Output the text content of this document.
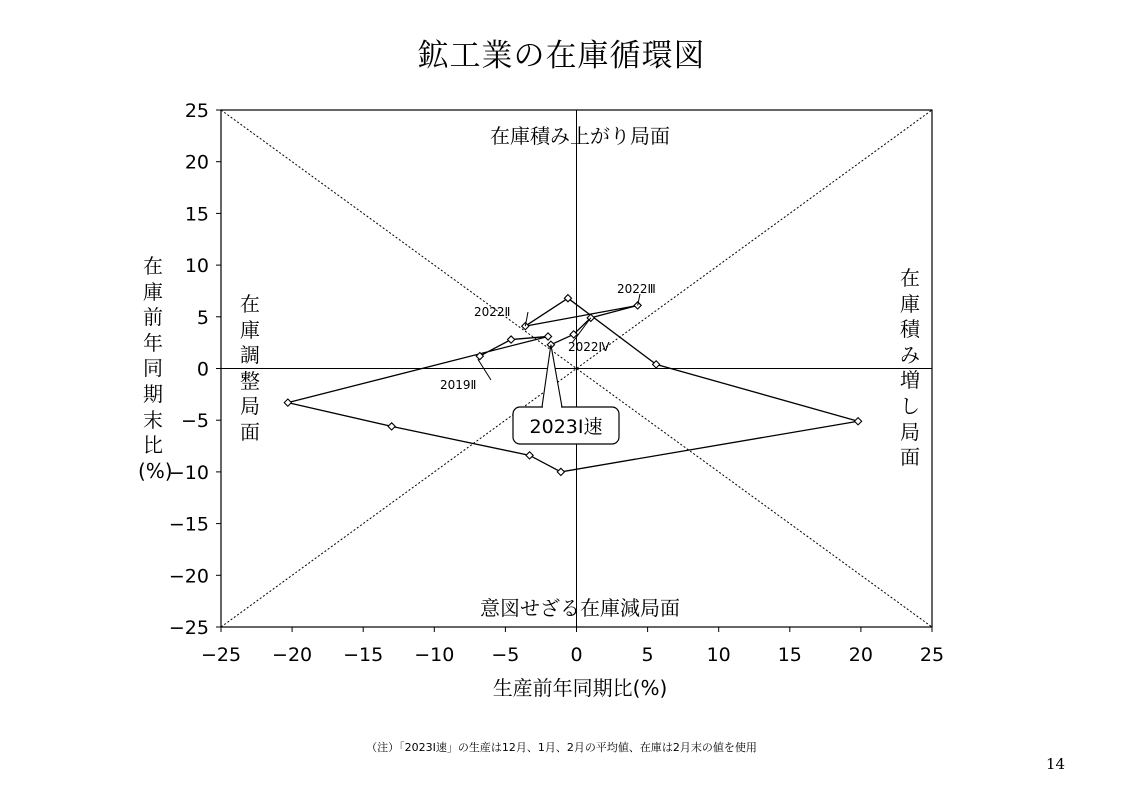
鉱工業の在庫循環図
−25 −20 −15 −10 −5	0	5	10 15 20 25
−25
−20
−15
−10
−5
0
5
10
15
20
25
2019Ⅱ
2022Ⅱ
2022Ⅲ
2022Ⅳ
2023Ⅰ速
在庫積み上がり局面
意図せざる在庫減局面
在庫調整局面
在庫積み増し局面
在庫前年同期末比(%)
生産前年同期比(%)
（注）「2023Ⅰ速」の生産は12月、1月、2月の平均値、在庫は2月末の値を使用
14
